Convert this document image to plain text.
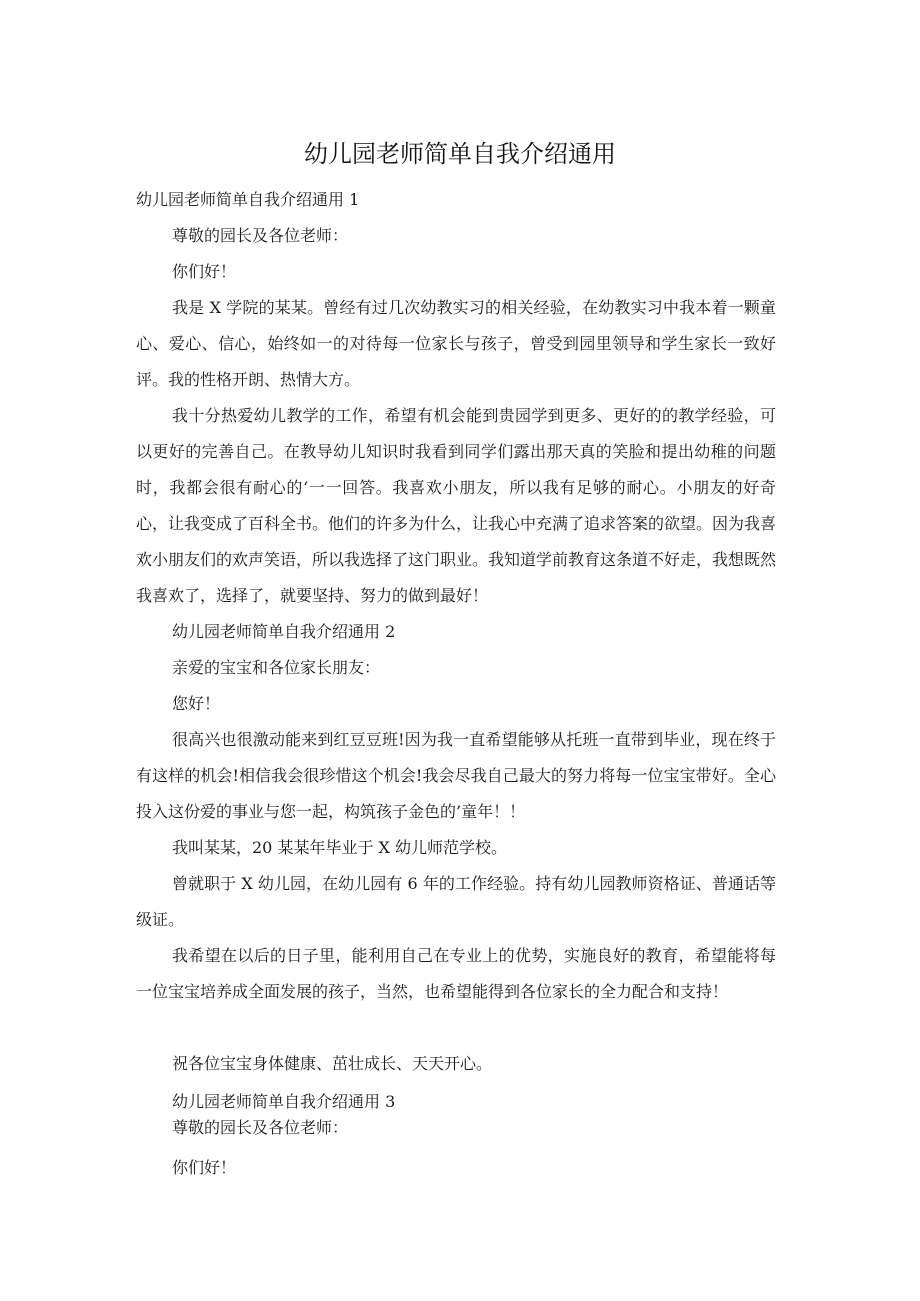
幼儿园老师简单自我介绍通用

幼儿园老师简单自我介绍通用 1

尊敬的园长及各位老师：

你们好！

我是 X 学院的某某。曾经有过几次幼教实习的相关经验，在幼教实习中我本着一颗童心、爱心、信心，始终如一的对待每一位家长与孩子，曾受到园里领导和学生家长一致好评。我的性格开朗、热情大方。

我十分热爱幼儿教学的工作，希望有机会能到贵园学到更多、更好的的教学经验，可以更好的完善自己。在教导幼儿知识时我看到同学们露出那天真的笑脸和提出幼稚的问题时，我都会很有耐心的‘一一回答。我喜欢小朋友，所以我有足够的耐心。小朋友的好奇心，让我变成了百科全书。他们的许多为什么，让我心中充满了追求答案的欲望。因为我喜欢小朋友们的欢声笑语，所以我选择了这门职业。我知道学前教育这条道不好走，我想既然我喜欢了，选择了，就要坚持、努力的做到最好！

幼儿园老师简单自我介绍通用 2

亲爱的宝宝和各位家长朋友：

您好！

很高兴也很激动能来到红豆豆班!因为我一直希望能够从托班一直带到毕业，现在终于有这样的机会!相信我会很珍惜这个机会!我会尽我自己最大的努力将每一位宝宝带好。全心投入这份爱的事业与您一起，构筑孩子金色的’童年！！

我叫某某，20 某某年毕业于 X 幼儿师范学校。

曾就职于 X 幼儿园，在幼儿园有 6 年的工作经验。持有幼儿园教师资格证、普通话等级证。

我希望在以后的日子里，能利用自己在专业上的优势，实施良好的教育，希望能将每一位宝宝培养成全面发展的孩子，当然，也希望能得到各位家长的全力配合和支持！

祝各位宝宝身体健康、茁壮成长、天天开心。

幼儿园老师简单自我介绍通用 3

尊敬的园长及各位老师：

你们好！
